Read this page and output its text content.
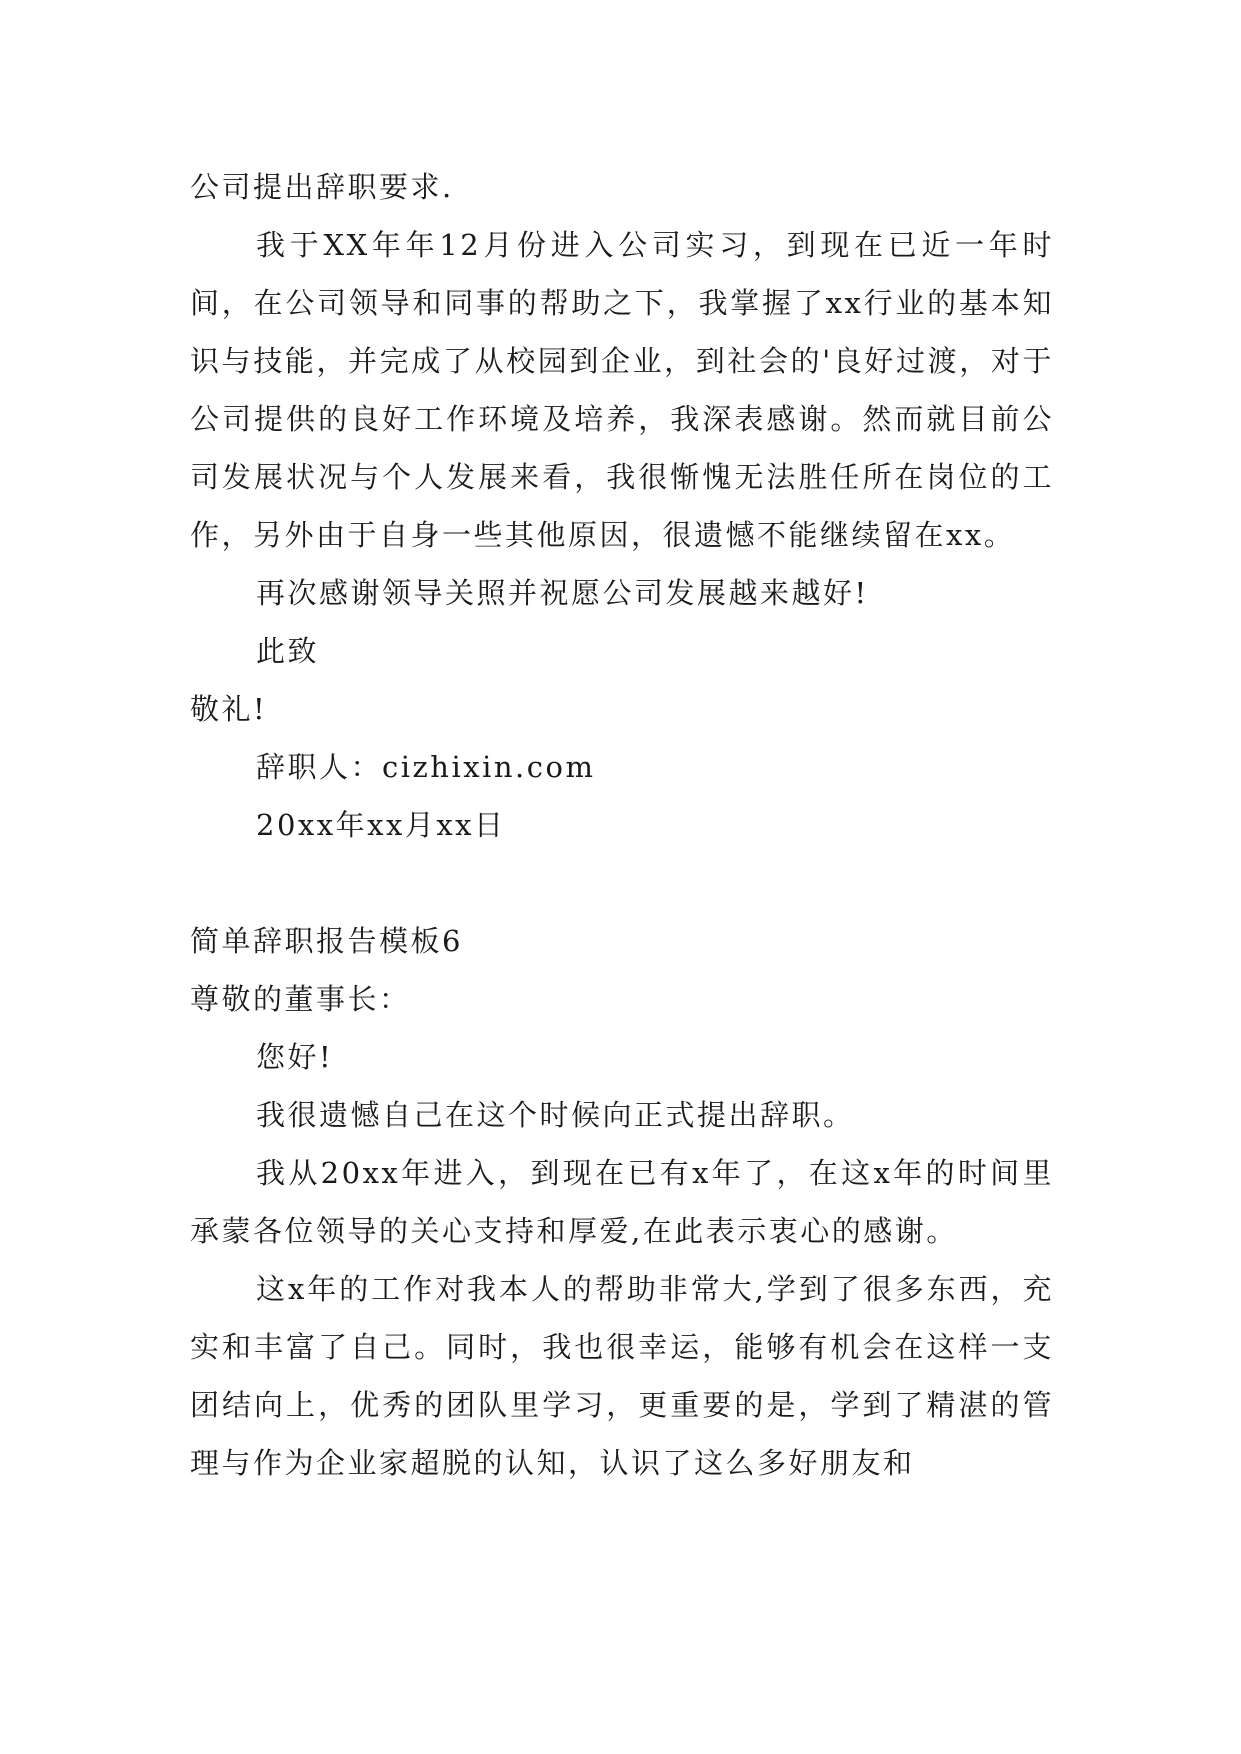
公司提出辞职要求.
我于XX年年12月份进入公司实习，到现在已近一年时间，在公司领导和同事的帮助之下，我掌握了xx行业的基本知识与技能，并完成了从校园到企业，到社会的'良好过渡，对于公司提供的良好工作环境及培养，我深表感谢。然而就目前公司发展状况与个人发展来看，我很惭愧无法胜任所在岗位的工作，另外由于自身一些其他原因，很遗憾不能继续留在xx。
再次感谢领导关照并祝愿公司发展越来越好!
此致
敬礼!
辞职人：cizhixin.com
20xx年xx月xx日
简单辞职报告模板6
尊敬的董事长：
您好!
我很遗憾自己在这个时候向正式提出辞职。
我从20xx年进入，到现在已有x年了，在这x年的时间里承蒙各位领导的关心支持和厚爱,在此表示衷心的感谢。
这x年的工作对我本人的帮助非常大,学到了很多东西，充实和丰富了自己。同时，我也很幸运，能够有机会在这样一支团结向上，优秀的团队里学习，更重要的是，学到了精湛的管理与作为企业家超脱的认知，认识了这么多好朋友和
